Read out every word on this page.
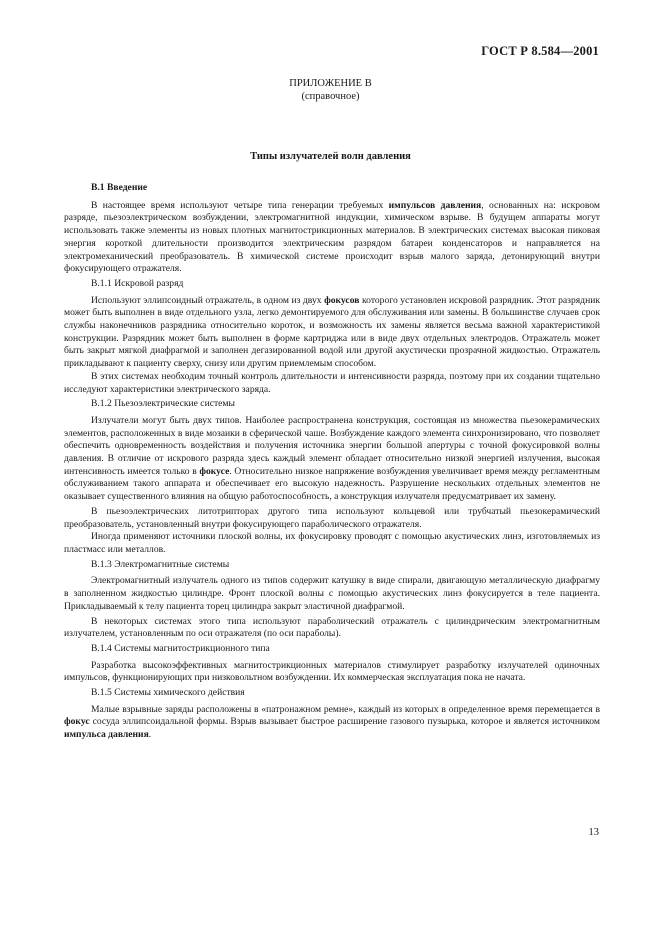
ГОСТ Р 8.584—2001
ПРИЛОЖЕНИЕ В
(справочное)
Типы излучателей волн давления
В.1 Введение

В настоящее время используют четыре типа генерации требуемых импульсов давления, основанных на: искровом разряде, пьезоэлектрическом возбуждении, электромагнитной индукции, химическом взрыве. В будущем аппараты могут использовать также элементы из новых плотных магнитострикционных материалов. В электрических системах высокая пиковая энергия короткой длительности производится электрическим разрядом батареи конденсаторов и направляется на электромеханический преобразователь. В химической системе происходит взрыв малого заряда, детонирующий внутри фокусирующего отражателя.

В.1.1 Искровой разряд

Используют эллипсоидный отражатель, в одном из двух фокусов которого установлен искровой разрядник. Этот разрядник может быть выполнен в виде отдельного узла, легко демонтируемого для обслуживания или замены. В большинстве случаев срок службы наконечников разрядника относительно короток, и возможность их замены является весьма важной характеристикой конструкции. Разрядник может быть выполнен в форме картриджа или в виде двух отдельных электродов. Отражатель может быть закрыт мягкой диафрагмой и заполнен дегазированной водой или другой акустически прозрачной жидкостью. Отражатель прикладывают к пациенту сверху, снизу или другим приемлемым способом.

В этих системах необходим точный контроль длительности и интенсивности разряда, поэтому при их создании тщательно исследуют характеристики электрического заряда.

В.1.2 Пьезоэлектрические системы

Излучатели могут быть двух типов. Наиболее распространена конструкция, состоящая из множества пьезокерамических элементов, расположенных в виде мозаики в сферической чаше. Возбуждение каждого элемента синхронизировано, что позволяет обеспечить одновременность воздействия и получения источника энергии большой апертуры с точной фокусировкой волны давления. В отличие от искрового разряда здесь каждый элемент обладает относительно низкой энергией излучения, высокая интенсивность имеется только в фокусе. Относительно низкое напряжение возбуждения увеличивает время между регламентным обслуживанием такого аппарата и обеспечивает его высокую надежность. Разрушение нескольких отдельных элементов не оказывает существенного влияния на общую работоспособность, а конструкция излучателя предусматривает их замену.

В пьезоэлектрических литотрипторах другого типа используют кольцевой или трубчатый пьезокерамический преобразователь, установленный внутри фокусирующего параболического отражателя.

Иногда применяют источники плоской волны, их фокусировку проводят с помощью акустических линз, изготовляемых из пластмасс или металлов.

В.1.3 Электромагнитные системы

Электромагнитный излучатель одного из типов содержит катушку в виде спирали, двигающую металлическую диафрагму в заполненном жидкостью цилиндре. Фронт плоской волны с помощью акустических линз фокусируется в теле пациента. Прикладываемый к телу пациента торец цилиндра закрыт эластичной диафрагмой.

В некоторых системах этого типа используют параболический отражатель с цилиндрическим электромагнитным излучателем, установленным по оси отражателя (по оси параболы).

В.1.4 Системы магнитострикционного типа

Разработка высокоэффективных магнитострикционных материалов стимулирует разработку излучателей одиночных импульсов, функционирующих при низковольтном возбуждении. Их коммерческая эксплуатация пока не начата.

В.1.5 Системы химического действия

Малые взрывные заряды расположены в «патронажном ремне», каждый из которых в определенное время перемещается в фокус сосуда эллипсоидальной формы. Взрыв вызывает быстрое расширение газового пузырька, которое и является источником импульса давления.

13
